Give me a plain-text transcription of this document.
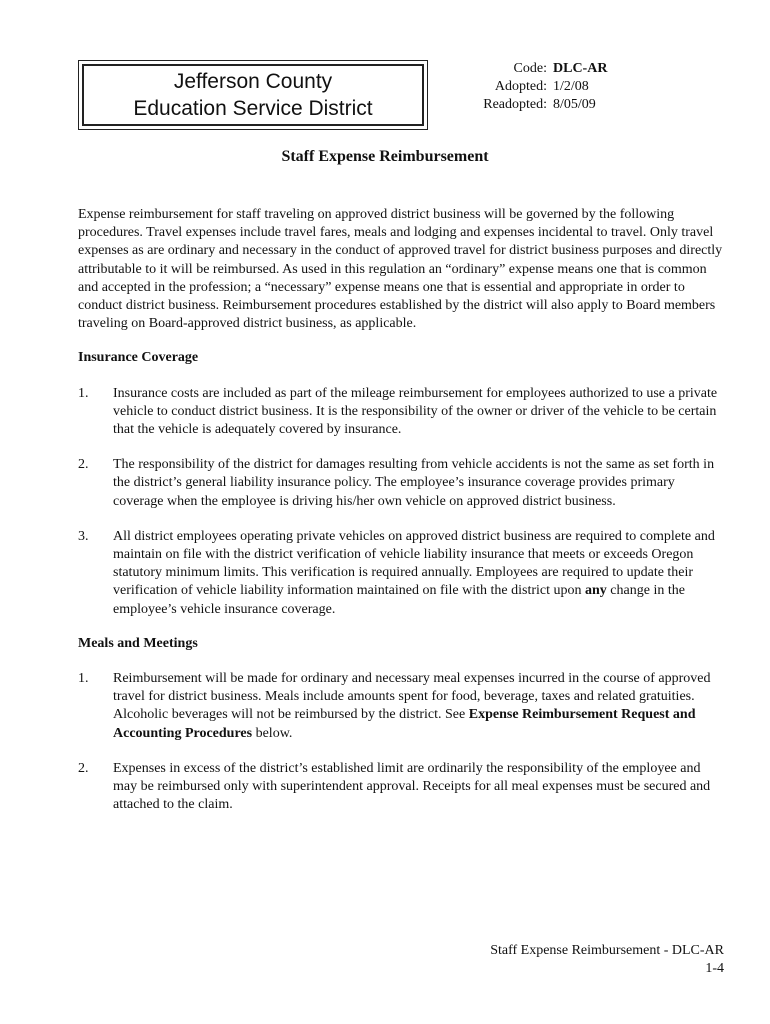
Jefferson County
Education Service District
Code: DLC-AR
Adopted: 1/2/08
Readopted: 8/05/09
Staff Expense Reimbursement

Expense reimbursement for staff traveling on approved district business will be governed by the following procedures. Travel expenses include travel fares, meals and lodging and expenses incidental to travel. Only travel expenses as are ordinary and necessary in the conduct of approved travel for district business purposes and directly attributable to it will be reimbursed. As used in this regulation an “ordinary” expense means one that is common and accepted in the profession; a “necessary” expense means one that is essential and appropriate in order to conduct district business. Reimbursement procedures established by the district will also apply to Board members traveling on Board-approved district business, as applicable.

Insurance Coverage
1.	Insurance costs are included as part of the mileage reimbursement for employees authorized to use a private vehicle to conduct district business. It is the responsibility of the owner or driver of the vehicle to be certain that the vehicle is adequately covered by insurance.
2.	The responsibility of the district for damages resulting from vehicle accidents is not the same as set forth in the district’s general liability insurance policy. The employee’s insurance coverage provides primary coverage when the employee is driving his/her own vehicle on approved district business.
3.	All district employees operating private vehicles on approved district business are required to complete and maintain on file with the district verification of vehicle liability insurance that meets or exceeds Oregon statutory minimum limits. This verification is required annually. Employees are required to update their verification of vehicle liability information maintained on file with the district upon any change in the employee’s vehicle insurance coverage.
Meals and Meetings
1.	Reimbursement will be made for ordinary and necessary meal expenses incurred in the course of approved travel for district business. Meals include amounts spent for food, beverage, taxes and related gratuities. Alcoholic beverages will not be reimbursed by the district. See Expense Reimbursement Request and Accounting Procedures below.
2.	Expenses in excess of the district’s established limit are ordinarily the responsibility of the employee and may be reimbursed only with superintendent approval. Receipts for all meal expenses must be secured and attached to the claim.
Staff Expense Reimbursement - DLC-AR
1-4
